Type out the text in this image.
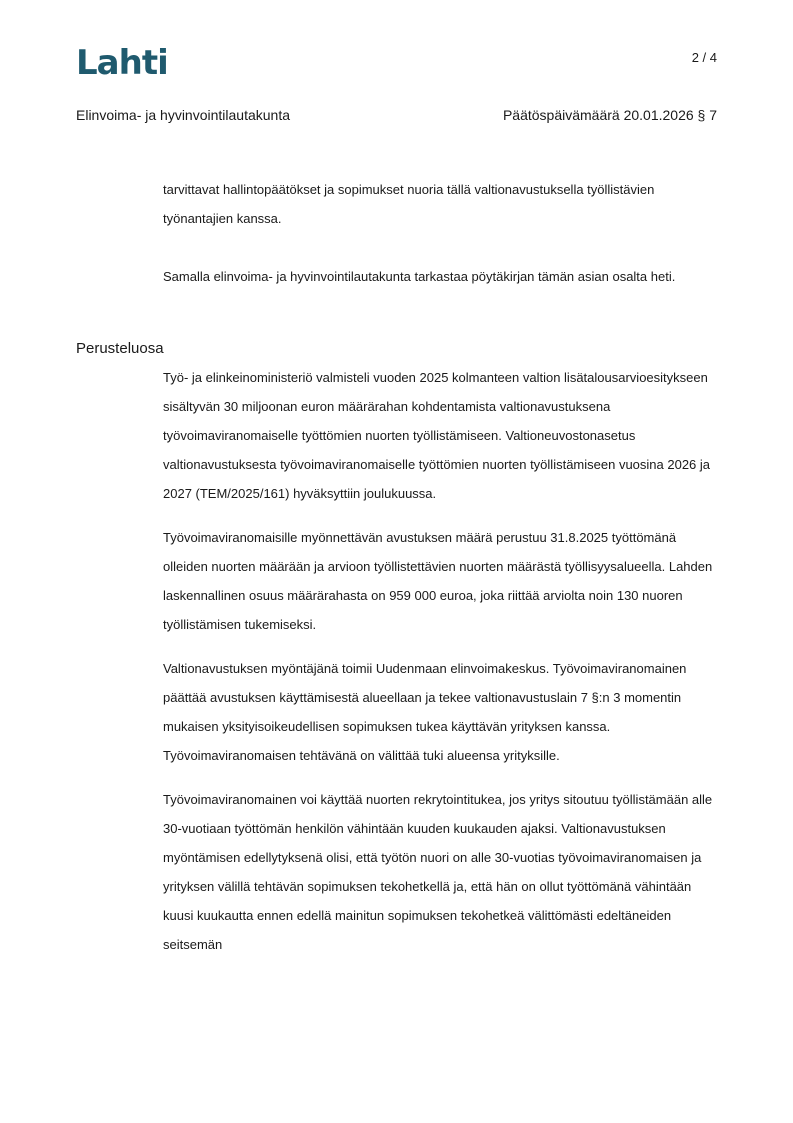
Lahti	2 / 4
Elinvoima- ja hyvinvointilautakunta	Päätöspäivämäärä 20.01.2026 § 7

tarvittavat hallintopäätökset ja sopimukset nuoria tällä valtionavustuksella työllistävien työnantajien kanssa.

Samalla elinvoima- ja hyvinvointilautakunta tarkastaa pöytäkirjan tämän asian osalta heti.

Perusteluosa

Työ- ja elinkeinoministeriö valmisteli vuoden 2025 kolmanteen valtion lisätalousarvioesitykseen sisältyvän 30 miljoonan euron määrärahan kohdentamista valtionavustuksena työvoimaviranomaiselle työttömien nuorten työllistämiseen. Valtioneuvostonasetus valtionavustuksesta työvoimaviranomaiselle työttömien nuorten työllistämiseen vuosina 2026 ja 2027 (TEM/2025/161) hyväksyttiin joulukuussa.

Työvoimaviranomaisille myönnettävän avustuksen määrä perustuu 31.8.2025 työttömänä olleiden nuorten määrään ja arvioon työllistettävien nuorten määrästä työllisyysalueella. Lahden laskennallinen osuus määrärahasta on 959 000 euroa, joka riittää arviolta noin 130 nuoren työllistämisen tukemiseksi.

Valtionavustuksen myöntäjänä toimii Uudenmaan elinvoimakeskus. Työvoimaviranomainen päättää avustuksen käyttämisestä alueellaan ja tekee valtionavustuslain 7 §:n 3 momentin mukaisen yksityisoikeudellisen sopimuksen tukea käyttävän yrityksen kanssa. Työvoimaviranomaisen tehtävänä on välittää tuki alueensa yrityksille.

Työvoimaviranomainen voi käyttää nuorten rekrytointitukea, jos yritys sitoutuu työllistämään alle 30-vuotiaan työttömän henkilön vähintään kuuden kuukauden ajaksi. Valtionavustuksen myöntämisen edellytyksenä olisi, että työtön nuori on alle 30-vuotias työvoimaviranomaisen ja yrityksen välillä tehtävän sopimuksen tekohetkellä ja, että hän on ollut työttömänä vähintään kuusi kuukautta ennen edellä mainitun sopimuksen tekohetkeä välittömästi edeltäneiden seitsemän
